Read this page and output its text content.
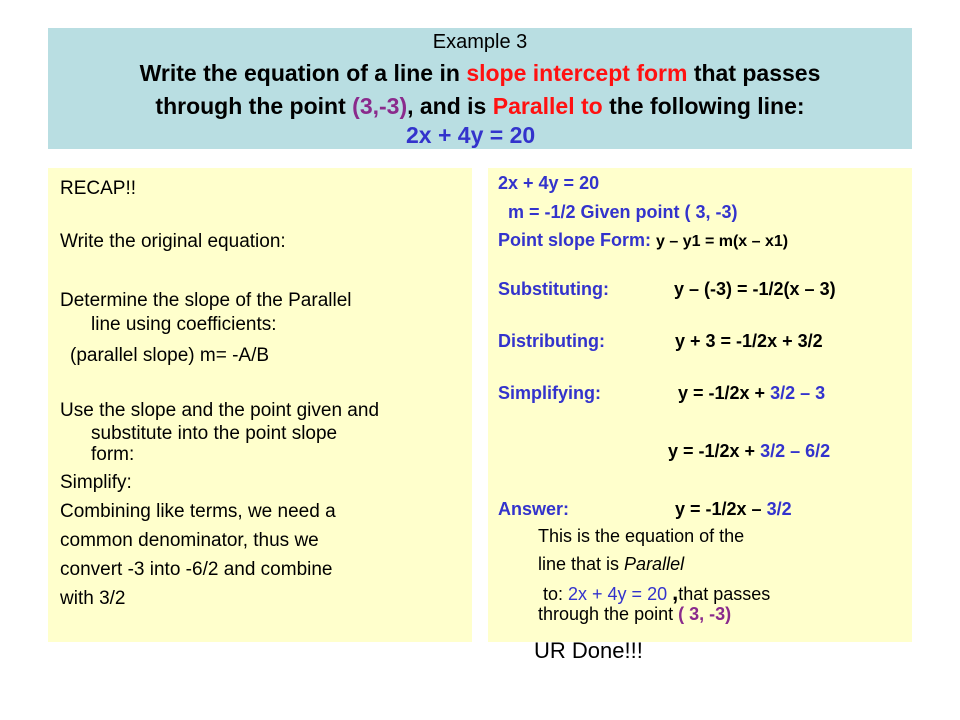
Example 3
Write the equation of a line in slope intercept form that passes
through the point (3,-3), and is Parallel to the following line:
2x + 4y = 20
RECAP!!
Write the original equation:
Determine the slope of the Parallel
line using coefficients:
(parallel slope) m= -A/B
Use the slope and the point given and
substitute into the point slope
form:
Simplify:
Combining like terms, we need a
common denominator, thus we
convert -3 into -6/2 and combine
with 3/2
2x + 4y = 20
m = -1/2 Given point ( 3, -3)
Point slope Form: y – y1 = m(x – x1)
Substituting:	y – (-3) = -1/2(x – 3)
Distributing:	y + 3 = -1/2x + 3/2
Simplifying:	y = -1/2x + 3/2 – 3
y = -1/2x + 3/2 – 6/2
Answer:	y = -1/2x – 3/2
This is the equation of the
line that is Parallel
to: 2x + 4y = 20 ,that passes
through the point ( 3, -3)
UR Done!!!
